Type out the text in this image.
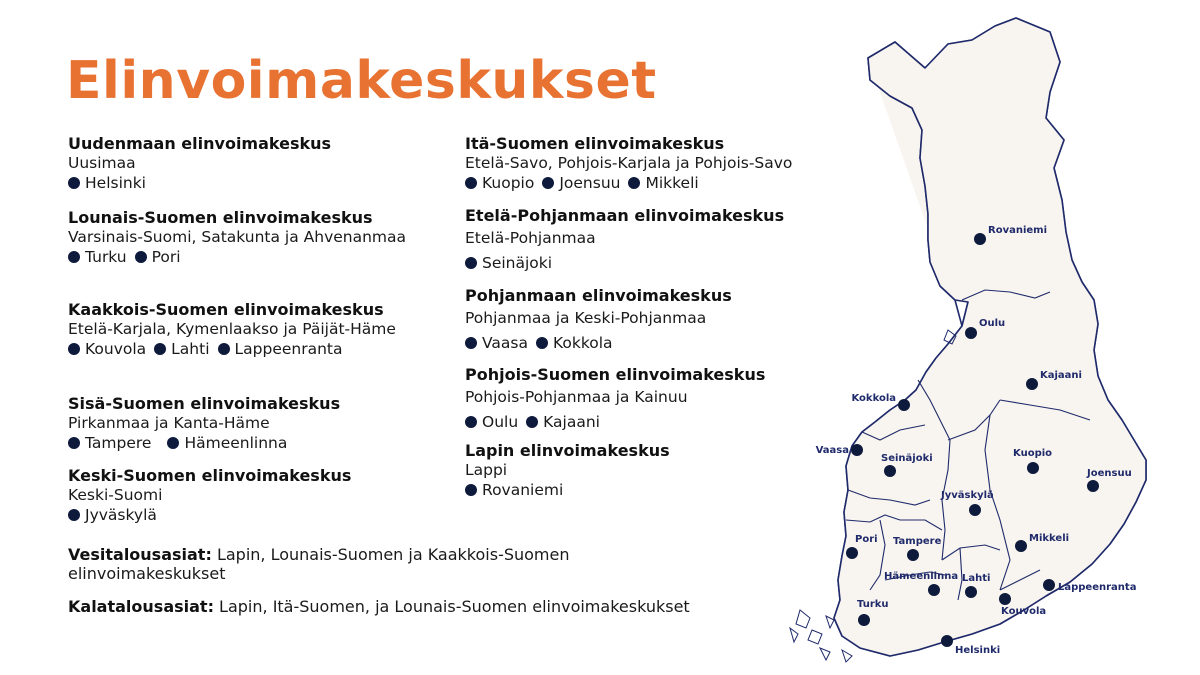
Elinvoimakeskukset
Uudenmaan elinvoimakeskus
Uusimaa
Helsinki
Lounais-Suomen elinvoimakeskus
Varsinais-Suomi, Satakunta ja Ahvenanmaa
Turku Pori
Kaakkois-Suomen elinvoimakeskus
Etelä-Karjala, Kymenlaakso ja Päijät-Häme
Kouvola Lahti Lappeenranta
Sisä-Suomen elinvoimakeskus
Pirkanmaa ja Kanta-Häme
Tampere Hämeenlinna
Keski-Suomen elinvoimakeskus
Keski-Suomi
Jyväskylä
Itä-Suomen elinvoimakeskus
Etelä-Savo, Pohjois-Karjala ja Pohjois-Savo
Kuopio Joensuu Mikkeli
Etelä-Pohjanmaan elinvoimakeskus
Etelä-Pohjanmaa
Seinäjoki
Pohjanmaan elinvoimakeskus
Pohjanmaa ja Keski-Pohjanmaa
Vaasa Kokkola
Pohjois-Suomen elinvoimakeskus
Pohjois-Pohjanmaa ja Kainuu
Oulu Kajaani
Lapin elinvoimakeskus
Lappi
Rovaniemi
Vesitalousasiat: Lapin, Lounais-Suomen ja Kaakkois-Suomen elinvoimakeskukset
Kalatalousasiat: Lapin, Itä-Suomen, ja Lounais-Suomen elinvoimakeskukset
Rovaniemi
Oulu
Kajaani
Kokkola
Vaasa
Seinäjoki	Kuopio
Joensuu
Jyväskylä
Pori Tampere	Mikkeli
Hämeenlinna Lahti
Lappeenranta
Kouvola
Turku
Helsinki
